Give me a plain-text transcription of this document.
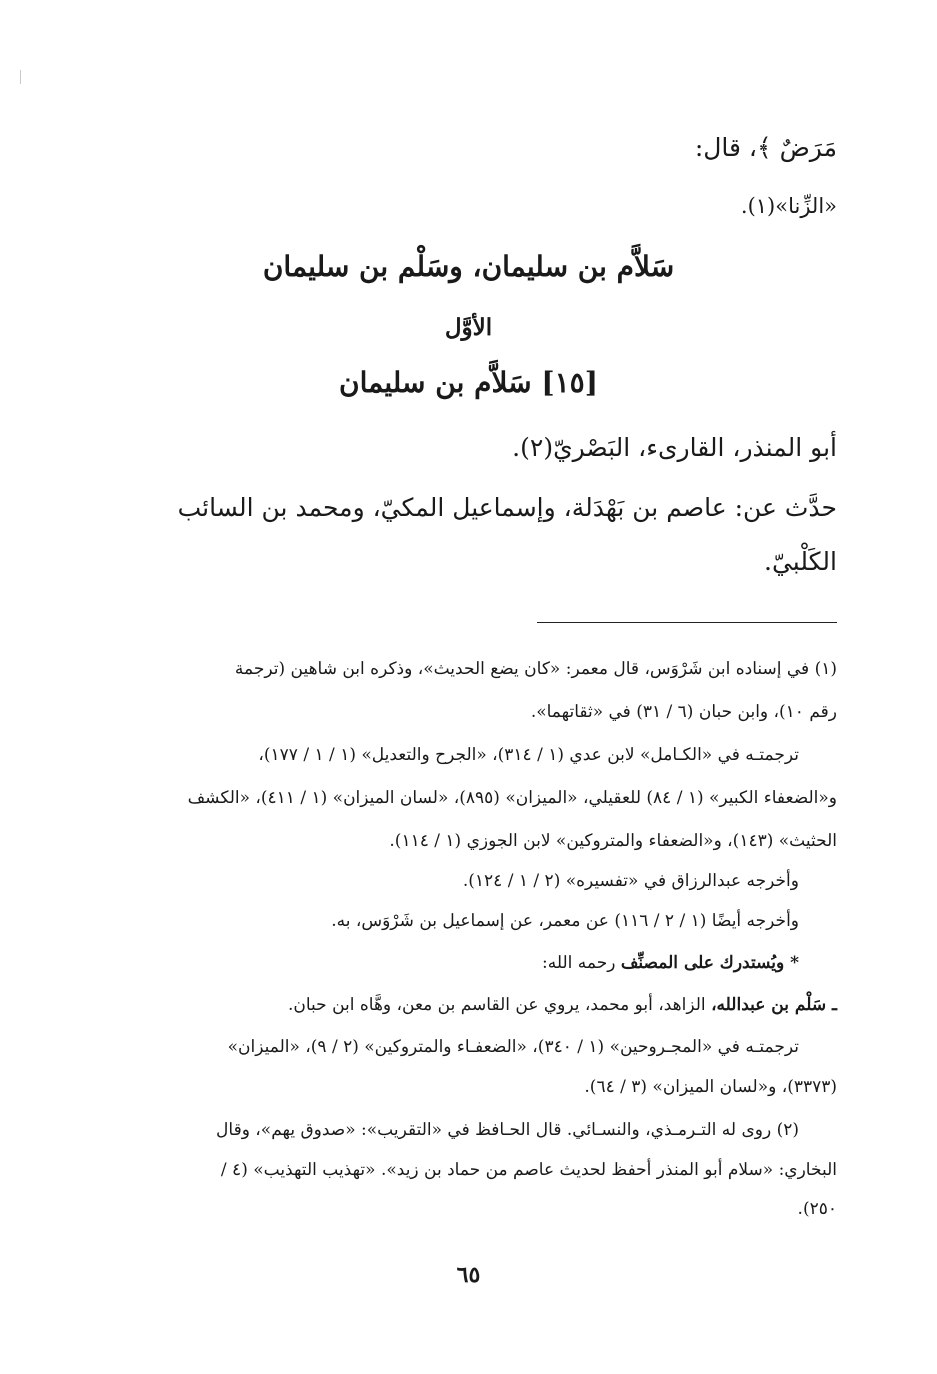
مَرَضٌ ﴾، قال:
«الزِّنا»(١).
سَلاَّم بن سليمان، وسَلْم بن سليمان
الأوَّل
[١٥] سَلاَّم بن سليمان
أبو المنذر، القارىء، البَصْريّ(٢).
حدَّث عن: عاصم بن بَهْدَلة، وإسماعيل المكيّ، ومحمد بن السائب
الكَلْبيّ.
(١) في إسناده ابن شَرْوَس، قال معمر: «كان يضع الحديث»، وذكره ابن شاهين (ترجمة
رقم ١٠)، وابن حبان (٦ / ٣١) في «ثقاتهما».
ترجمتـه في «الكـامل» لابن عدي (١ / ٣١٤)، «الجرح والتعديل» (١ / ١ / ١٧٧)،
و«الضعفاء الكبير» (١ / ٨٤) للعقيلي، «الميزان» (٨٩٥)، «لسان الميزان» (١ / ٤١١)، «الكشف
الحثيث» (١٤٣)، و«الضعفاء والمتروكين» لابن الجوزي (١ / ١١٤).
وأخرجه عبدالرزاق في «تفسيره» (٢ / ١ / ١٢٤).
وأخرجه أيضًا (١ / ٢ / ١١٦) عن معمر، عن إسماعيل بن شَرْوَس، به.
* ويُستدرك على المصنِّف رحمه الله:
ـ سَلْم بن عبدالله، الزاهد، أبو محمد، يروي عن القاسم بن معن، وهَّاه ابن حبان.
ترجمتـه في «المجـروحين» (١ / ٣٤٠)، «الضعفـاء والمتروكين» (٢ / ٩)، «الميزان»
(٣٣٧٣)، و«لسان الميزان» (٣ / ٦٤).
(٢) روى له التـرمـذي، والنسـائي. قال الحـافظ في «التقريب»: «صدوق يهم»، وقال
البخاري: «سلام أبو المنذر أحفظ لحديث عاصم من حماد بن زيد». «تهذيب التهذيب» (٤ /
٢٥٠).
٦٥
